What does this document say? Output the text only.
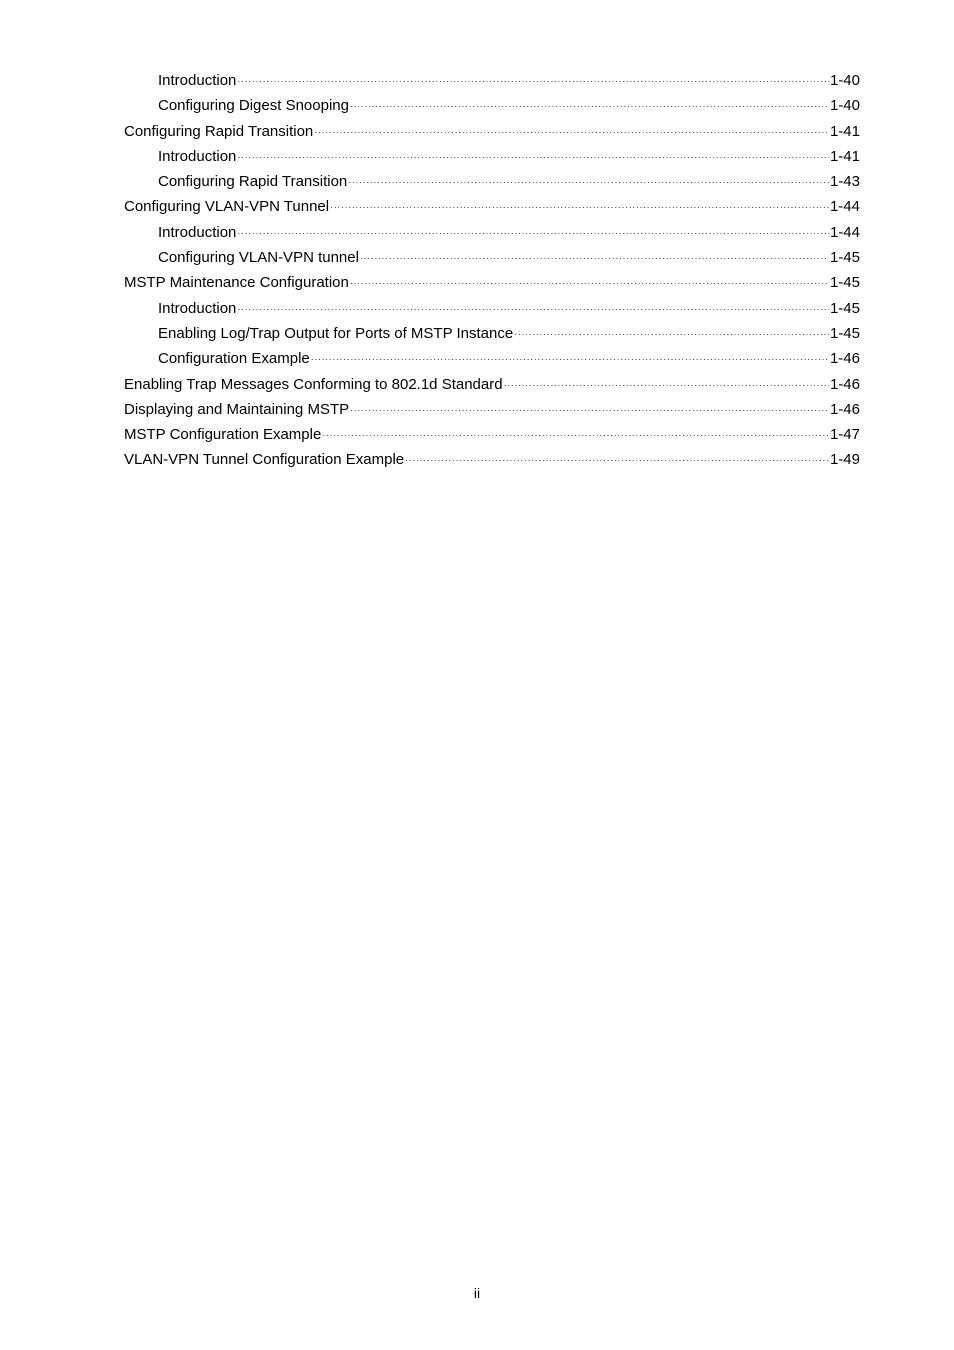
Introduction ·····	1-40
Configuring Digest Snooping ·····	1-40
Configuring Rapid Transition ·····	1-41
Introduction ·····	1-41
Configuring Rapid Transition ·····	1-43
Configuring VLAN-VPN Tunnel ·····	1-44
Introduction ·····	1-44
Configuring VLAN-VPN tunnel ·····	1-45
MSTP Maintenance Configuration ·····	1-45
Introduction ·····	1-45
Enabling Log/Trap Output for Ports of MSTP Instance ·····	1-45
Configuration Example ·····	1-46
Enabling Trap Messages Conforming to 802.1d Standard ·····	1-46
Displaying and Maintaining MSTP ·····	1-46
MSTP Configuration Example ·····	1-47
VLAN-VPN Tunnel Configuration Example ·····	1-49
ii
